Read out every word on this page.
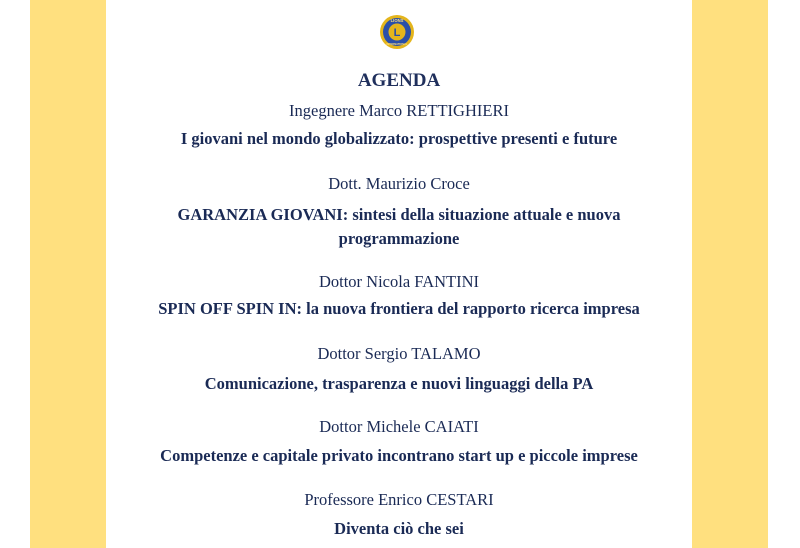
L
LIONS
INTERNATIONAL
AGENDA
Ingegnere Marco RETTIGHIERI
I giovani nel mondo globalizzato: prospettive presenti e future
Dott. Maurizio Croce
GARANZIA GIOVANI: sintesi della situazione attuale e nuova
programmazione
Dottor Nicola FANTINI
SPIN OFF SPIN IN: la nuova frontiera del rapporto ricerca impresa
Dottor Sergio TALAMO
Comunicazione, trasparenza e nuovi linguaggi della PA
Dottor Michele CAIATI
Competenze e capitale privato incontrano start up e piccole imprese
Professore Enrico CESTARI
Diventa ciò che sei
